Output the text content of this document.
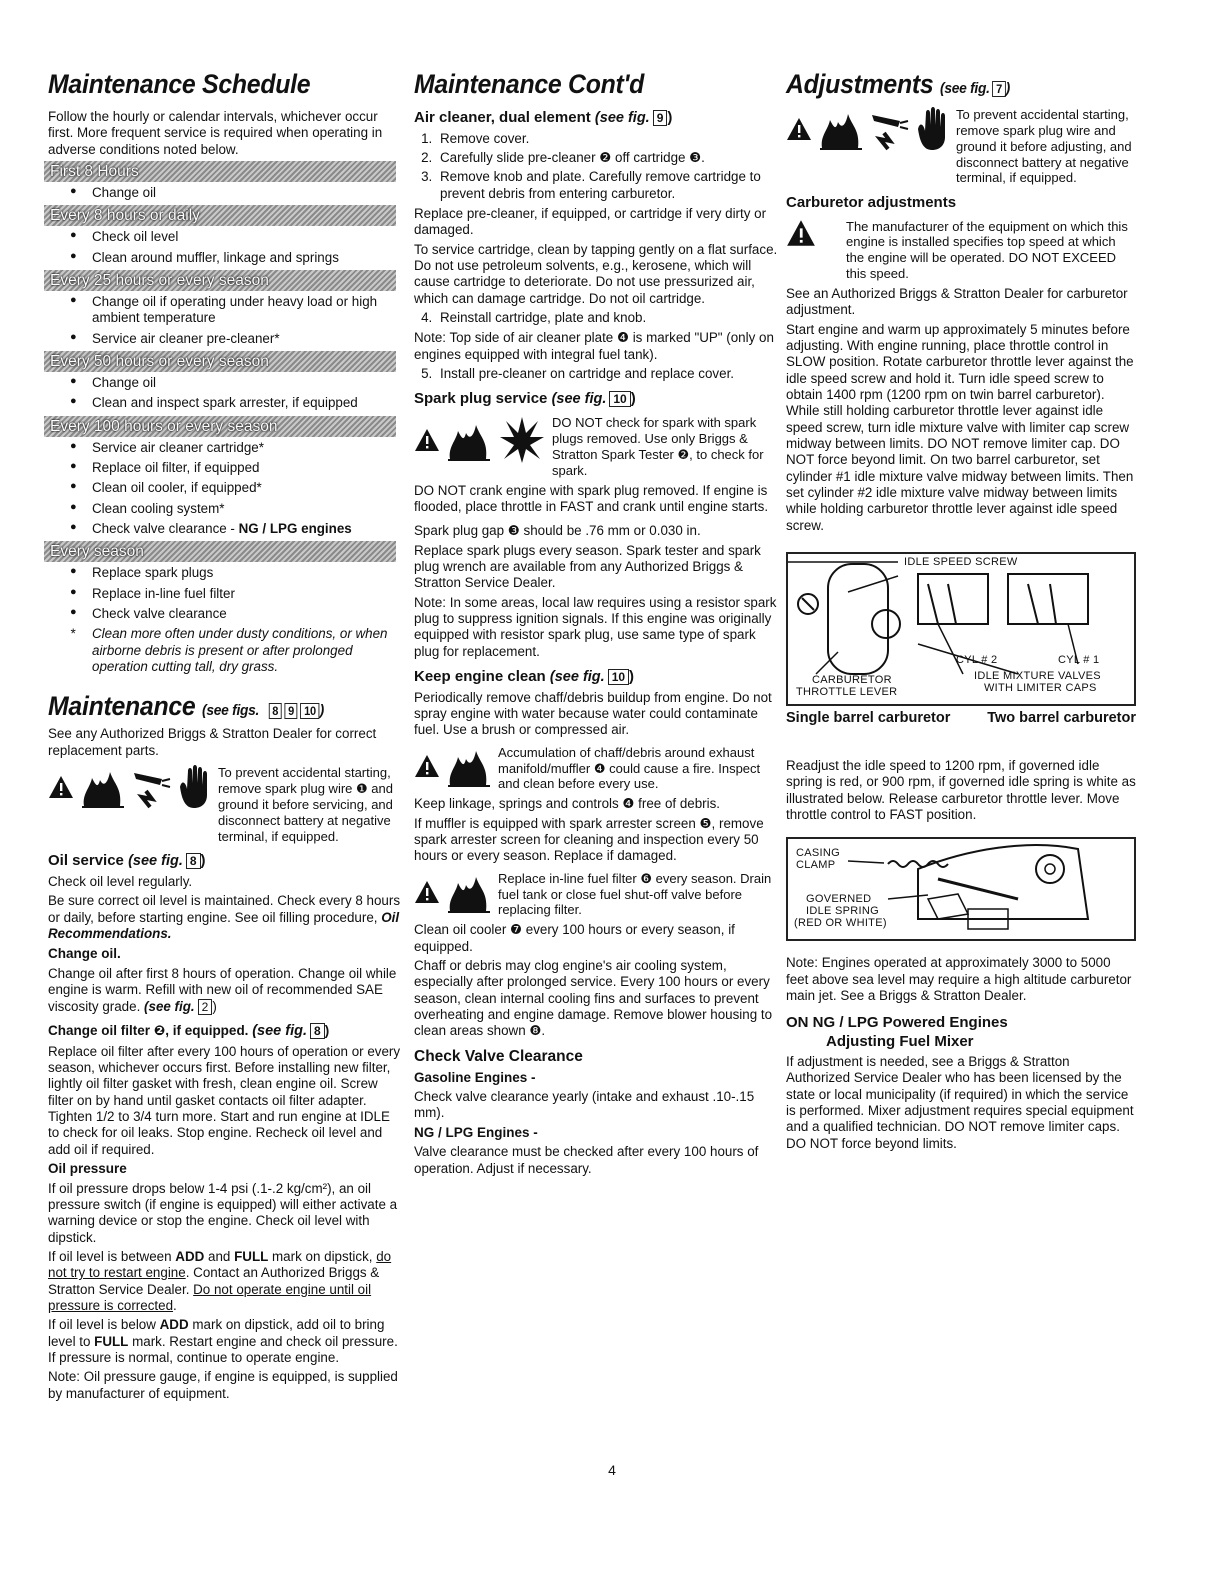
Maintenance Schedule

Follow the hourly or calendar intervals, whichever occur first. More frequent service is required when operating in adverse conditions noted below.

First 8 Hours
● Change oil
Every 8 hours or daily
● Check oil level
● Clean around muffler, linkage and springs
Every 25 hours or every season
● Change oil if operating under heavy load or high ambient temperature
● Service air cleaner pre-cleaner*
Every 50 hours or every season
● Change oil
● Clean and inspect spark arrester, if equipped
Every 100 hours or every season
● Service air cleaner cartridge*
● Replace oil filter, if equipped
● Clean oil cooler, if equipped*
● Clean cooling system*
● Check valve clearance - NG / LPG engines
Every season
● Replace spark plugs
● Replace in-line fuel filter
● Check valve clearance

* Clean more often under dusty conditions, or when airborne debris is present or after prolonged operation cutting tall, dry grass.

Maintenance (see figs. 8 9 10 )

See any Authorized Briggs & Stratton Dealer for correct replacement parts.

To prevent accidental starting, remove spark plug wire ❶ and ground it before servicing, and disconnect battery at negative terminal, if equipped.
Oil service (see fig. 8 )

Check oil level regularly.

Be sure correct oil level is maintained. Check every 8 hours or daily, before starting engine. See oil filling procedure, Oil Recommendations.

Change oil.

Change oil after first 8 hours of operation. Change oil while engine is warm. Refill with new oil of recommended SAE viscosity grade. (see fig. 2 )

Change oil filter ❷, if equipped. (see fig. 8 )

Replace oil filter after every 100 hours of operation or every season, whichever occurs first. Before installing new filter, lightly oil filter gasket with fresh, clean engine oil. Screw filter on by hand until gasket contacts oil filter adapter. Tighten 1/2 to 3/4 turn more. Start and run engine at IDLE to check for oil leaks. Stop engine. Recheck oil level and add oil if required.

Oil pressure

If oil pressure drops below 1-4 psi (.1-.2 kg/cm²), an oil pressure switch (if engine is equipped) will either activate a warning device or stop the engine. Check oil level with dipstick.

If oil level is between ADD and FULL mark on dipstick, do not try to restart engine. Contact an Authorized Briggs & Stratton Service Dealer. Do not operate engine until oil pressure is corrected.

If oil level is below ADD mark on dipstick, add oil to bring level to FULL mark. Restart engine and check oil pressure. If pressure is normal, continue to operate engine.

Note: Oil pressure gauge, if engine is equipped, is supplied by manufacturer of equipment.

Maintenance Cont'd
Air cleaner, dual element (see fig. 9 )
1. Remove cover.
2. Carefully slide pre-cleaner ❷ off cartridge ❸.
3. Remove knob and plate. Carefully remove cartridge to prevent debris from entering carburetor.

Replace pre-cleaner, if equipped, or cartridge if very dirty or damaged.

To service cartridge, clean by tapping gently on a flat surface. Do not use petroleum solvents, e.g., kerosene, which will cause cartridge to deteriorate. Do not use pressurized air, which can damage cartridge. Do not oil cartridge.

4. Reinstall cartridge, plate and knob.

Note: Top side of air cleaner plate ❹ is marked "UP" (only on engines equipped with integral fuel tank).

5. Install pre-cleaner on cartridge and replace cover.
Spark plug service (see fig. 10 )
DO NOT check for spark with spark plugs removed. Use only Briggs & Stratton Spark Tester ❷, to check for spark.

DO NOT crank engine with spark plug removed. If engine is flooded, place throttle in FAST and crank until engine starts.

Spark plug gap ❸ should be .76 mm or 0.030 in.

Replace spark plugs every season. Spark tester and spark plug wrench are available from any Authorized Briggs & Stratton Service Dealer.

Note: In some areas, local law requires using a resistor spark plug to suppress ignition signals. If this engine was originally equipped with resistor spark plug, use same type of spark plug for replacement.

Keep engine clean (see fig. 10 )

Periodically remove chaff/debris buildup from engine. Do not spray engine with water because water could contaminate fuel. Use a brush or compressed air.

Accumulation of chaff/debris around exhaust manifold/muffler ❹ could cause a fire. Inspect and clean before every use.

Keep linkage, springs and controls ❹ free of debris.

If muffler is equipped with spark arrester screen ❺, remove spark arrester screen for cleaning and inspection every 50 hours or every season. Replace if damaged.

Replace in-line fuel filter ❻ every season. Drain fuel tank or close fuel shut-off valve before replacing filter.

Clean oil cooler ❼ every 100 hours or every season, if equipped.

Chaff or debris may clog engine's air cooling system, especially after prolonged service. Every 100 hours or every season, clean internal cooling fins and surfaces to prevent overheating and engine damage. Remove blower housing to clean areas shown ❽.

Check Valve Clearance
Gasoline Engines -

Check valve clearance yearly (intake and exhaust .10-.15 mm).

NG / LPG Engines -

Valve clearance must be checked after every 100 hours of operation. Adjust if necessary.

Adjustments (see fig. 7 )
To prevent accidental starting, remove spark plug wire and ground it before adjusting, and disconnect battery at negative terminal, if equipped.
Carburetor adjustments
The manufacturer of the equipment on which this engine is installed specifies top speed at which the engine will be operated. DO NOT EXCEED this speed.

See an Authorized Briggs & Stratton Dealer for carburetor adjustment.

Start engine and warm up approximately 5 minutes before adjusting. With engine running, place throttle control in SLOW position. Rotate carburetor throttle lever against the idle speed screw and hold it. Turn idle speed screw to obtain 1400 rpm (1200 rpm on twin barrel carburetor). While still holding carburetor throttle lever against idle speed screw, turn idle mixture valve with limiter cap screw midway between limits. DO NOT remove limiter cap. DO NOT force beyond limit. On two barrel carburetor, set cylinder #1 idle mixture valve midway between limits. Then set cylinder #2 idle mixture valve midway between limits while holding carburetor throttle lever against idle speed screw.

IDLE SPEED SCREW
CYL # 2	CYL # 1
CARBURETOR
THROTTLE LEVER
IDLE MIXTURE VALVES
WITH LIMITER CAPS
Single barrel carburetor	Two barrel carburetor

Readjust the idle speed to 1200 rpm, if governed idle spring is red, or 900 rpm, if governed idle spring is white as illustrated below. Release carburetor throttle lever. Move throttle control to FAST position.

CASING
CLAMP
GOVERNED
IDLE SPRING
(RED OR WHITE)

Note: Engines operated at approximately 3000 to 5000 feet above sea level may require a high altitude carburetor main jet. See a Briggs & Stratton Dealer.

ON NG / LPG Powered Engines
Adjusting Fuel Mixer

If adjustment is needed, see a Briggs & Stratton Authorized Service Dealer who has been licensed by the state or local municipality (if required) in which the service is performed. Mixer adjustment requires special equipment and a qualified technician. DO NOT remove limiter caps. DO NOT force beyond limits.

4
